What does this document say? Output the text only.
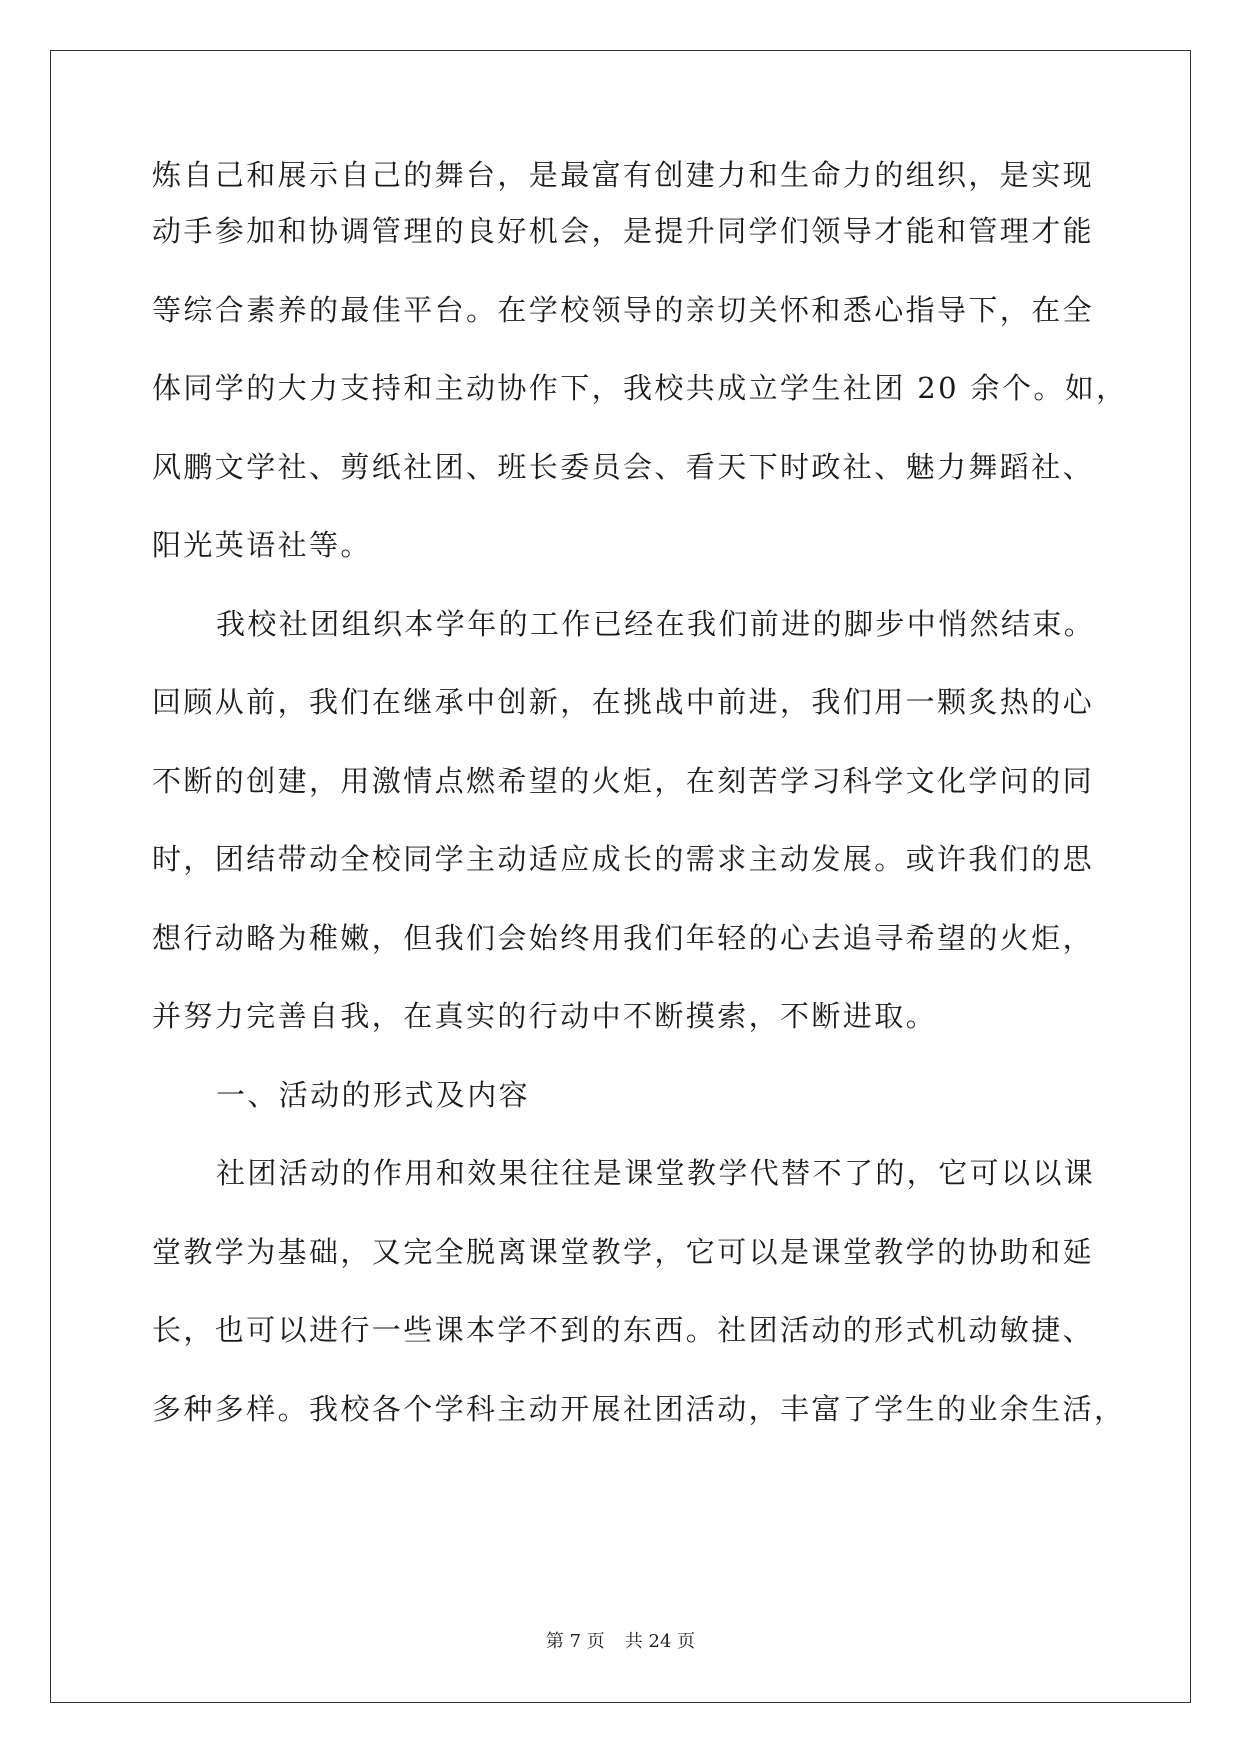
炼自己和展示自己的舞台，是最富有创建力和生命力的组织，是实现
动手参加和协调管理的良好机会，是提升同学们领导才能和管理才能
等综合素养的最佳平台。在学校领导的亲切关怀和悉心指导下，在全
体同学的大力支持和主动协作下，我校共成立学生社团 20 余个。如，
风鹏文学社、剪纸社团、班长委员会、看天下时政社、魅力舞蹈社、
阳光英语社等。
我校社团组织本学年的工作已经在我们前进的脚步中悄然结束。
回顾从前，我们在继承中创新，在挑战中前进，我们用一颗炙热的心
不断的创建，用激情点燃希望的火炬，在刻苦学习科学文化学问的同
时，团结带动全校同学主动适应成长的需求主动发展。或许我们的思
想行动略为稚嫩，但我们会始终用我们年轻的心去追寻希望的火炬，
并努力完善自我，在真实的行动中不断摸索，不断进取。
一、活动的形式及内容
社团活动的作用和效果往往是课堂教学代替不了的，它可以以课
堂教学为基础，又完全脱离课堂教学，它可以是课堂教学的协助和延
长，也可以进行一些课本学不到的东西。社团活动的形式机动敏捷、
多种多样。我校各个学科主动开展社团活动，丰富了学生的业余生活，
第 7 页 共 24 页
